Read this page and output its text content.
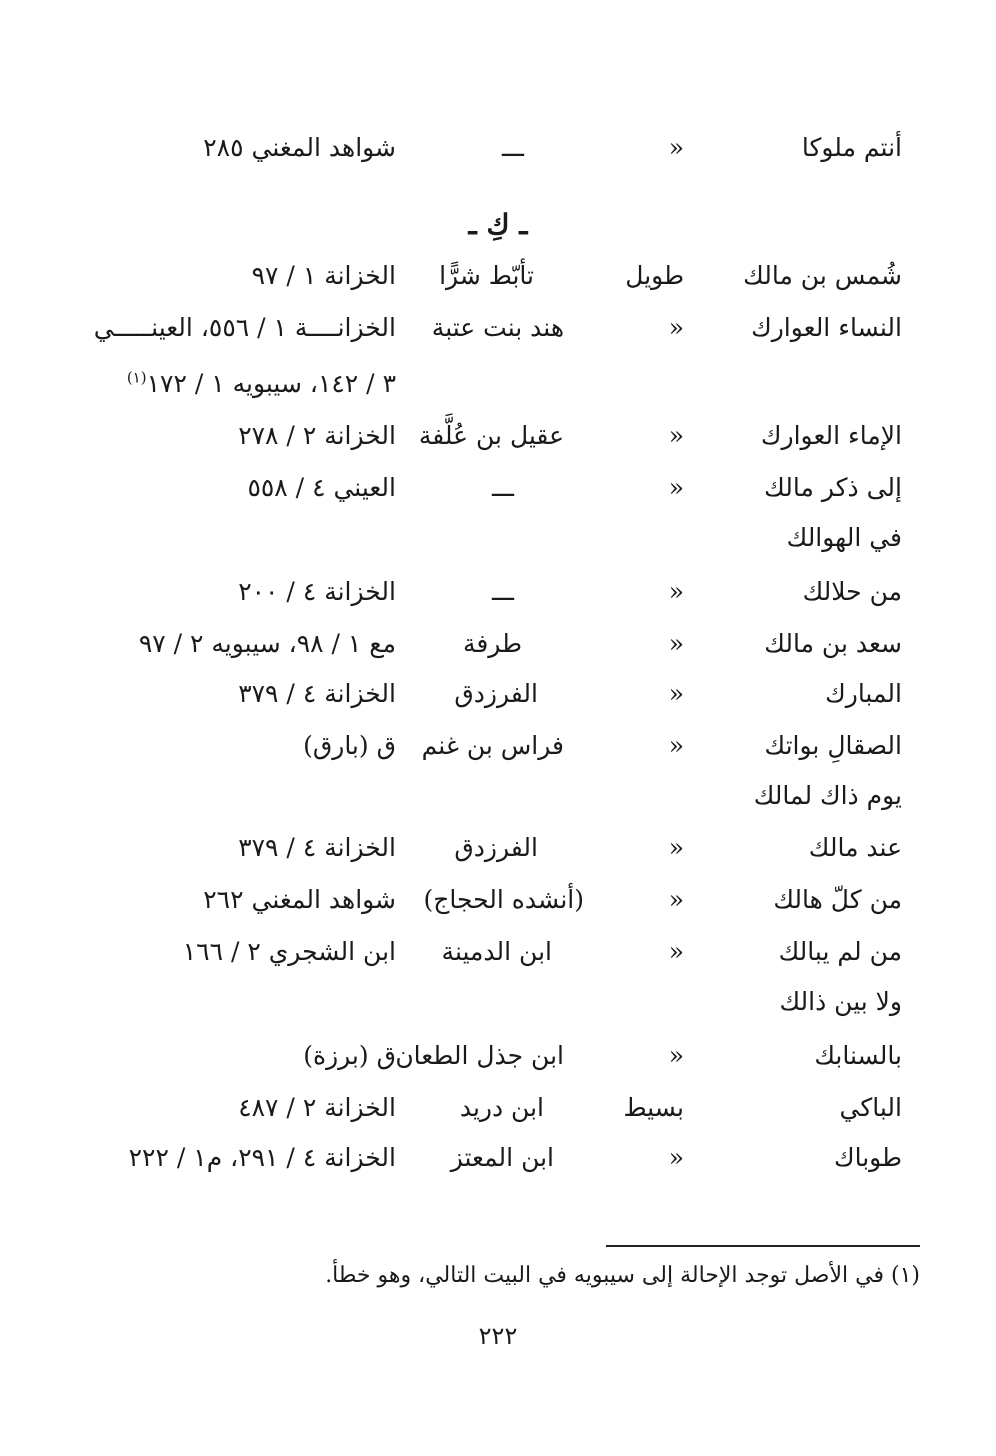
أنتم ملوكا
«
ـــ
شواهد المغني ٢٨٥
ـ كِ ـ
شُمس بن مالك
طويل
تأبّط شرًّا
الخزانة ١ / ٩٧
النساء العوارك
«
هند بنت عتبة
الخزانــــة ١ / ٥٥٦، العينـــــي
٣ / ١٤٢، سيبويه ١ / ١٧٢$^{(١)}$
الإماء العوارك
«
عقيل بن عُلَّفة
الخزانة ٢ / ٢٧٨
إلى ذكر مالك
«
ـــ
العيني ٤ / ٥٥٨
في الهوالك
من حلالك
«
ـــ
الخزانة ٤ / ٢٠٠
سعد بن مالك
«
طرفة
مع ١ / ٩٨، سيبويه ٢ / ٩٧
المبارك
«
الفرزدق
الخزانة ٤ / ٣٧٩
الصقالِ بواتك
«
فراس بن غنم
ق (بارق)
يوم ذاك لمالك
عند مالك
«
الفرزدق
الخزانة ٤ / ٣٧٩
من كلّ هالك
«
(أنشده الحجاج)
شواهد المغني ٢٦٢
من لم يبالك
«
ابن الدمينة
ابن الشجري ٢ / ١٦٦
ولا بين ذالك
بالسنابك
«
ابن جذل الطعان
ق (برزة)
الباكي
بسيط
ابن دريد
الخزانة ٢ / ٤٨٧
طوباك
«
ابن المعتز
الخزانة ٤ / ٢٩١، م١ / ٢٢٢
(١) في الأصل توجد الإحالة إلى سيبويه في البيت التالي، وهو خطأ.
٢٢٢
